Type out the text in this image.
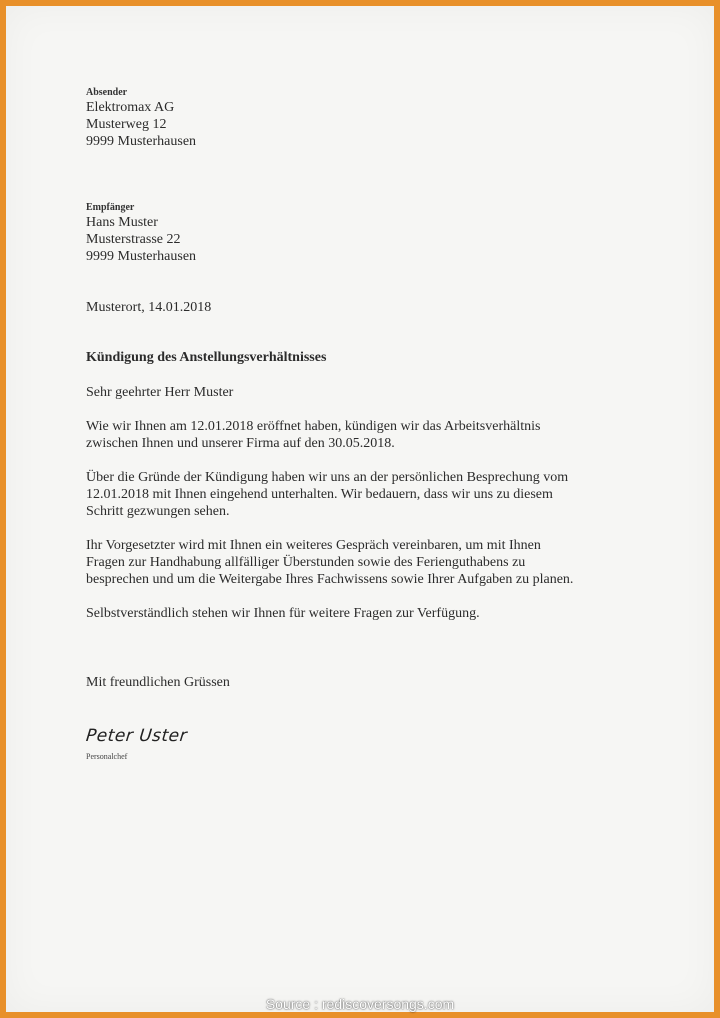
Absender
Elektromax AG
Musterweg 12
9999 Musterhausen
Empfänger
Hans Muster
Musterstrasse 22
9999 Musterhausen
Musterort, 14.01.2018
Kündigung des Anstellungsverhältnisses
Sehr geehrter Herr Muster
Wie wir Ihnen am 12.01.2018 eröffnet haben, kündigen wir das Arbeitsverhältnis
zwischen Ihnen und unserer Firma auf den 30.05.2018.
Über die Gründe der Kündigung haben wir uns an der persönlichen Besprechung vom
12.01.2018 mit Ihnen eingehend unterhalten. Wir bedauern, dass wir uns zu diesem
Schritt gezwungen sehen.
Ihr Vorgesetzter wird mit Ihnen ein weiteres Gespräch vereinbaren, um mit Ihnen
Fragen zur Handhabung allfälliger Überstunden sowie des Ferienguthabens zu
besprechen und um die Weitergabe Ihres Fachwissens sowie Ihrer Aufgaben zu planen.
Selbstverständlich stehen wir Ihnen für weitere Fragen zur Verfügung.
Mit freundlichen Grüssen
Peter Uster
Personalchef
Source : rediscoversongs.com
